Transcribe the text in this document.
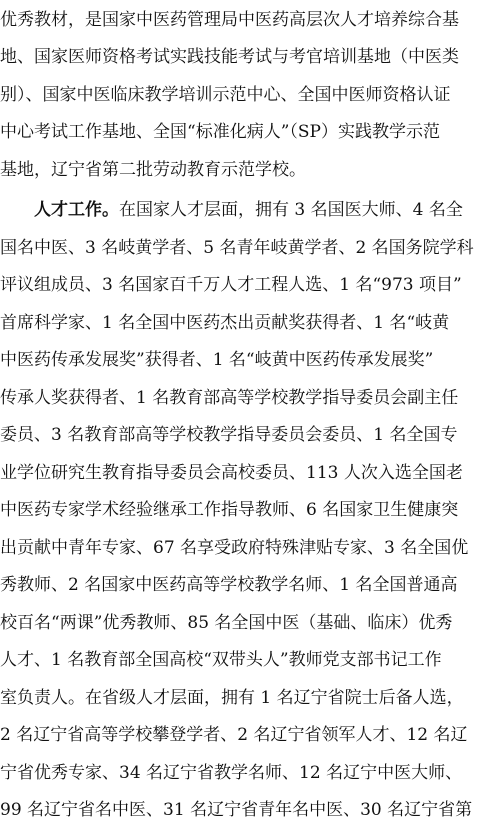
优秀教材，是国家中医药管理局中医药高层次人才培养综合基
地、国家医师资格考试实践技能考试与考官培训基地（中医类
别）、国家中医临床教学培训示范中心、全国中医师资格认证
中心考试工作基地、全国“标准化病人”（SP）实践教学示范
基地，辽宁省第二批劳动教育示范学校。
人才工作。在国家人才层面，拥有 3 名国医大师、4 名全
国名中医、3 名岐黄学者、5 名青年岐黄学者、2 名国务院学科
评议组成员、3 名国家百千万人才工程人选、1 名“973 项目”
首席科学家、1 名全国中医药杰出贡献奖获得者、1 名“岐黄
中医药传承发展奖”获得者、1 名“岐黄中医药传承发展奖”
传承人奖获得者、1 名教育部高等学校教学指导委员会副主任
委员、3 名教育部高等学校教学指导委员会委员、1 名全国专
业学位研究生教育指导委员会高校委员、113 人次入选全国老
中医药专家学术经验继承工作指导教师、6 名国家卫生健康突
出贡献中青年专家、67 名享受政府特殊津贴专家、3 名全国优
秀教师、2 名国家中医药高等学校教学名师、1 名全国普通高
校百名“两课”优秀教师、85 名全国中医（基础、临床）优秀
人才、1 名教育部全国高校“双带头人”教师党支部书记工作
室负责人。在省级人才层面，拥有 1 名辽宁省院士后备人选，
2 名辽宁省高等学校攀登学者、2 名辽宁省领军人才、12 名辽
宁省优秀专家、34 名辽宁省教学名师、12 名辽宁中医大师、
99 名辽宁省名中医、31 名辽宁省青年名中医、30 名辽宁省第
